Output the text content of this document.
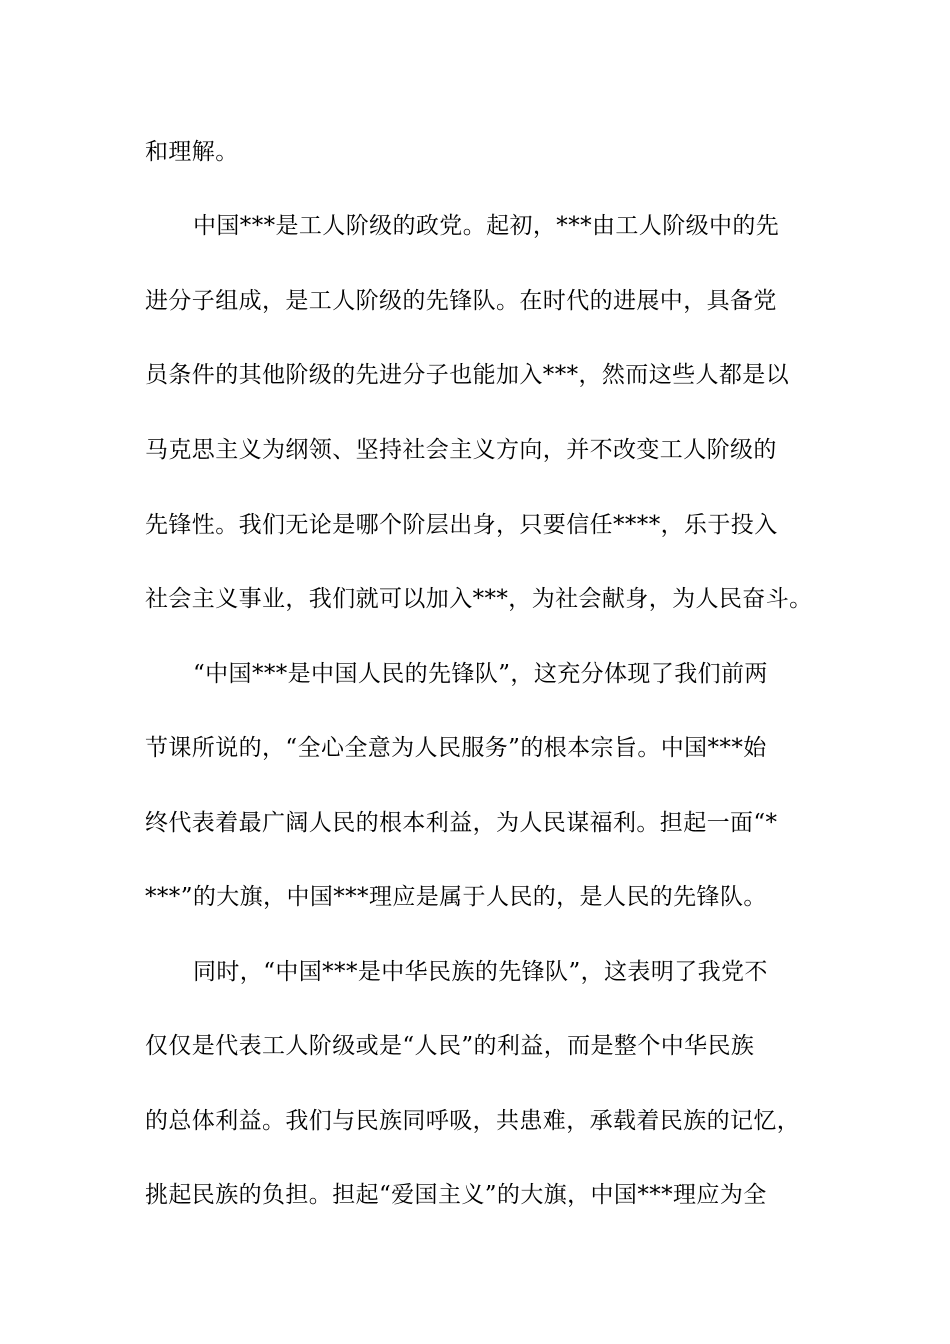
和理解。

中国***是工人阶级的政党。起初，***由工人阶级中的先

进分子组成，是工人阶级的先锋队。在时代的进展中，具备党

员条件的其他阶级的先进分子也能加入***，然而这些人都是以

马克思主义为纲领、坚持社会主义方向，并不改变工人阶级的

先锋性。我们无论是哪个阶层出身，只要信任****，乐于投入

社会主义事业，我们就可以加入***，为社会献身，为人民奋斗。

“中国***是中国人民的先锋队”，这充分体现了我们前两

节课所说的，“全心全意为人民服务”的根本宗旨。中国***始

终代表着最广阔人民的根本利益，为人民谋福利。担起一面“*

***”的大旗，中国***理应是属于人民的，是人民的先锋队。

同时，“中国***是中华民族的先锋队”，这表明了我党不

仅仅是代表工人阶级或是“人民”的利益，而是整个中华民族

的总体利益。我们与民族同呼吸，共患难，承载着民族的记忆，

挑起民族的负担。担起“爱国主义”的大旗，中国***理应为全
